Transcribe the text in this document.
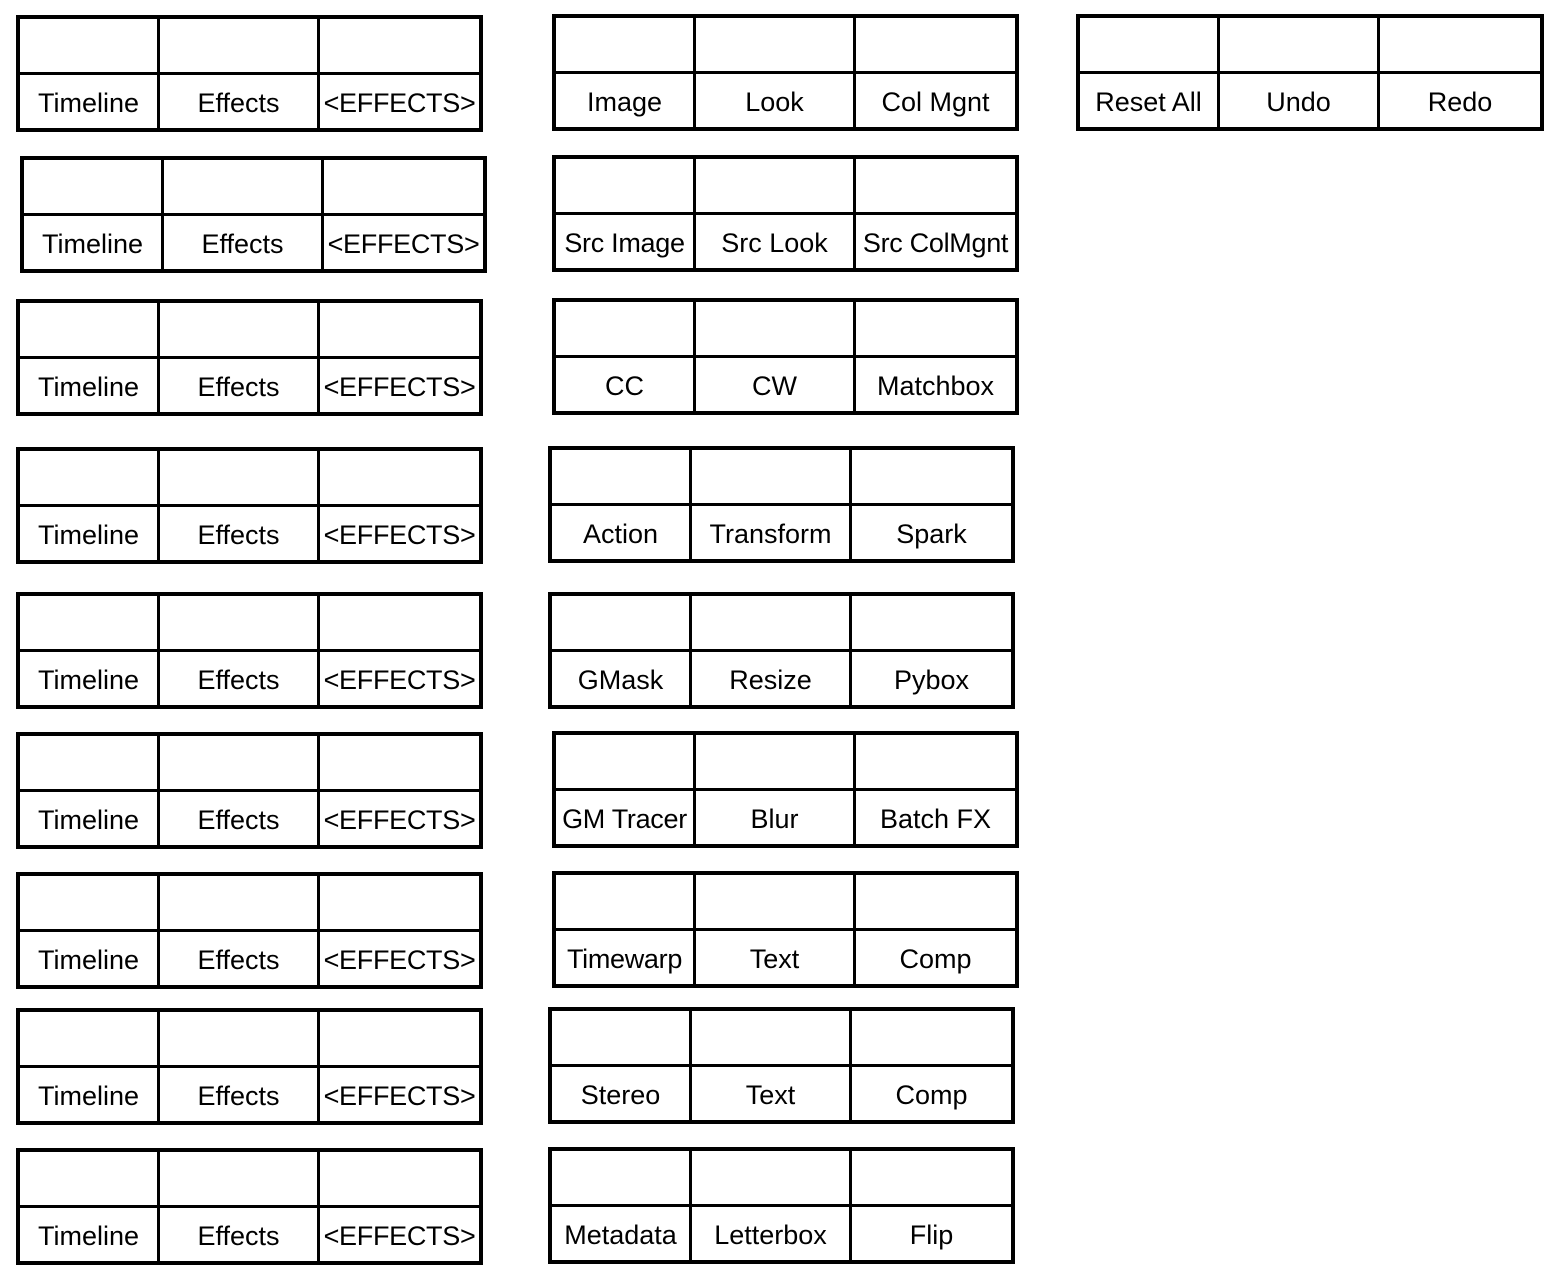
Timeline	Effects	<EFFECTS>
Timeline	Effects	<EFFECTS>
Timeline	Effects	<EFFECTS>
Timeline	Effects	<EFFECTS>
Timeline	Effects	<EFFECTS>
Timeline	Effects	<EFFECTS>
Timeline	Effects	<EFFECTS>
Timeline	Effects	<EFFECTS>
Timeline	Effects	<EFFECTS>
Image	Look	Col Mgnt
Src Image	Src Look	Src ColMgnt
CC	CW	Matchbox
Action	Transform	Spark
GMask	Resize	Pybox
GM Tracer	Blur	Batch FX
Timewarp	Text	Comp
Stereo	Text	Comp
Metadata	Letterbox	Flip
Reset All	Undo	Redo
